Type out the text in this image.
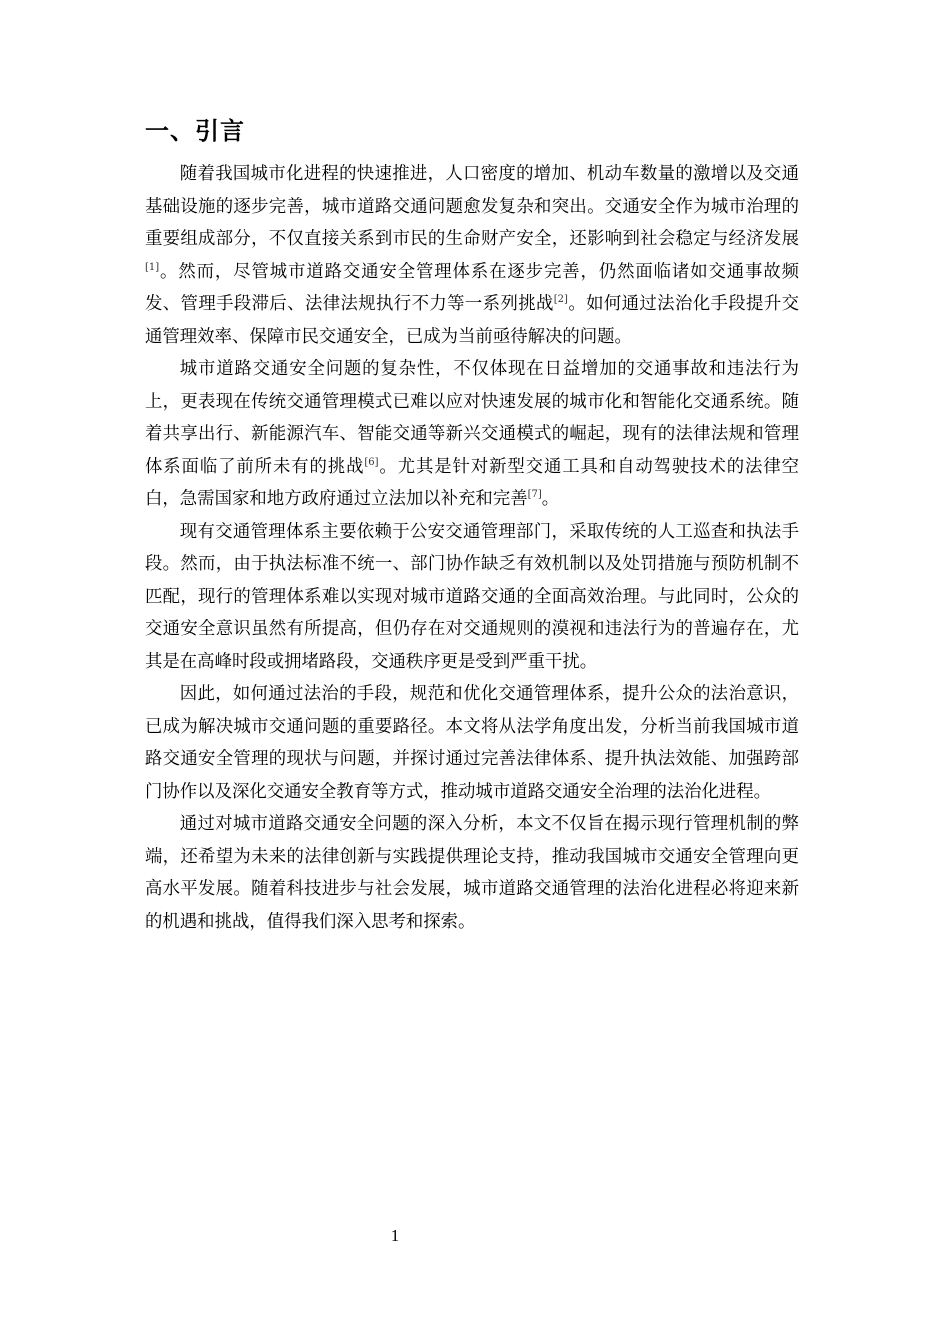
一、引言

随着我国城市化进程的快速推进，人口密度的增加、机动车数量的激增以及交通基础设施的逐步完善，城市道路交通问题愈发复杂和突出。交通安全作为城市治理的重要组成部分，不仅直接关系到市民的生命财产安全，还影响到社会稳定与经济发展[1]。然而，尽管城市道路交通安全管理体系在逐步完善，仍然面临诸如交通事故频发、管理手段滞后、法律法规执行不力等一系列挑战[2]。如何通过法治化手段提升交通管理效率、保障市民交通安全，已成为当前亟待解决的问题。

城市道路交通安全问题的复杂性，不仅体现在日益增加的交通事故和违法行为上，更表现在传统交通管理模式已难以应对快速发展的城市化和智能化交通系统。随着共享出行、新能源汽车、智能交通等新兴交通模式的崛起，现有的法律法规和管理体系面临了前所未有的挑战[6]。尤其是针对新型交通工具和自动驾驶技术的法律空白，急需国家和地方政府通过立法加以补充和完善[7]。

现有交通管理体系主要依赖于公安交通管理部门，采取传统的人工巡查和执法手段。然而，由于执法标准不统一、部门协作缺乏有效机制以及处罚措施与预防机制不匹配，现行的管理体系难以实现对城市道路交通的全面高效治理。与此同时，公众的交通安全意识虽然有所提高，但仍存在对交通规则的漠视和违法行为的普遍存在，尤其是在高峰时段或拥堵路段，交通秩序更是受到严重干扰。

因此，如何通过法治的手段，规范和优化交通管理体系，提升公众的法治意识，已成为解决城市交通问题的重要路径。本文将从法学角度出发，分析当前我国城市道路交通安全管理的现状与问题，并探讨通过完善法律体系、提升执法效能、加强跨部门协作以及深化交通安全教育等方式，推动城市道路交通安全治理的法治化进程。

通过对城市道路交通安全问题的深入分析，本文不仅旨在揭示现行管理机制的弊端，还希望为未来的法律创新与实践提供理论支持，推动我国城市交通安全管理向更高水平发展。随着科技进步与社会发展，城市道路交通管理的法治化进程必将迎来新的机遇和挑战，值得我们深入思考和探索。

1
